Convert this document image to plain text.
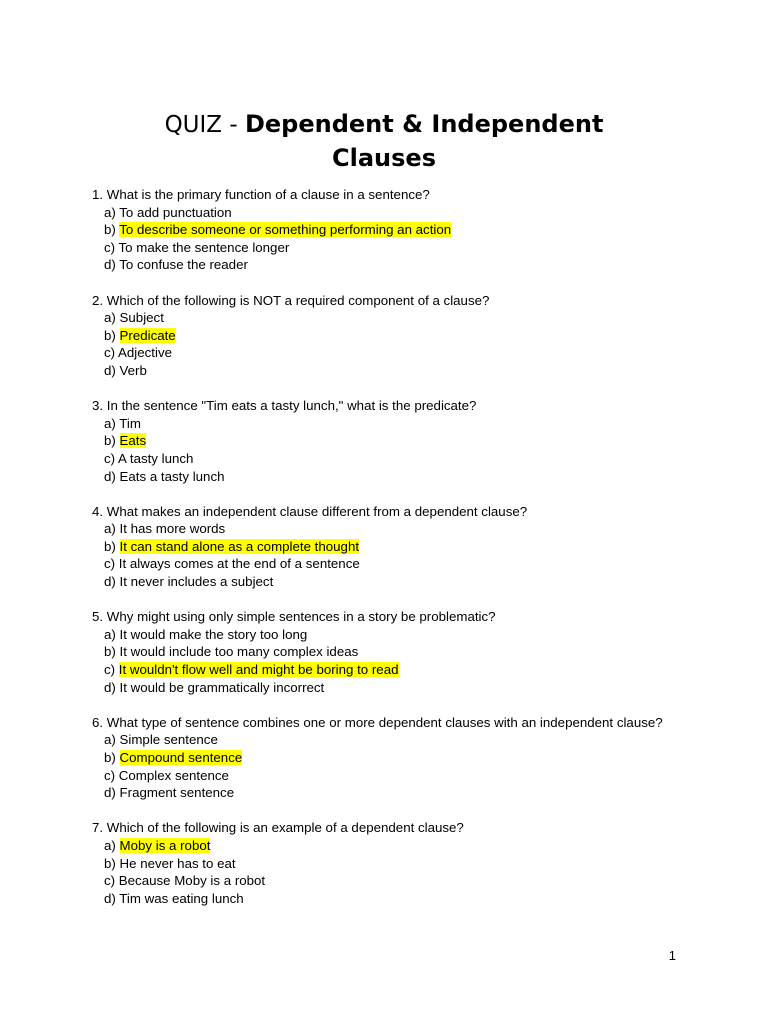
QUIZ - Dependent & Independent
Clauses
1. What is the primary function of a clause in a sentence?
a) To add punctuation
b) To describe someone or something performing an action
c) To make the sentence longer
d) To confuse the reader
2. Which of the following is NOT a required component of a clause?
a) Subject
b) Predicate
c) Adjective
d) Verb
3. In the sentence "Tim eats a tasty lunch," what is the predicate?
a) Tim
b) Eats
c) A tasty lunch
d) Eats a tasty lunch
4. What makes an independent clause different from a dependent clause?
a) It has more words
b) It can stand alone as a complete thought
c) It always comes at the end of a sentence
d) It never includes a subject
5. Why might using only simple sentences in a story be problematic?
a) It would make the story too long
b) It would include too many complex ideas
c) It wouldn't flow well and might be boring to read
d) It would be grammatically incorrect
6. What type of sentence combines one or more dependent clauses with an independent clause?
a) Simple sentence
b) Compound sentence
c) Complex sentence
d) Fragment sentence
7. Which of the following is an example of a dependent clause?
a) Moby is a robot
b) He never has to eat
c) Because Moby is a robot
d) Tim was eating lunch
1
